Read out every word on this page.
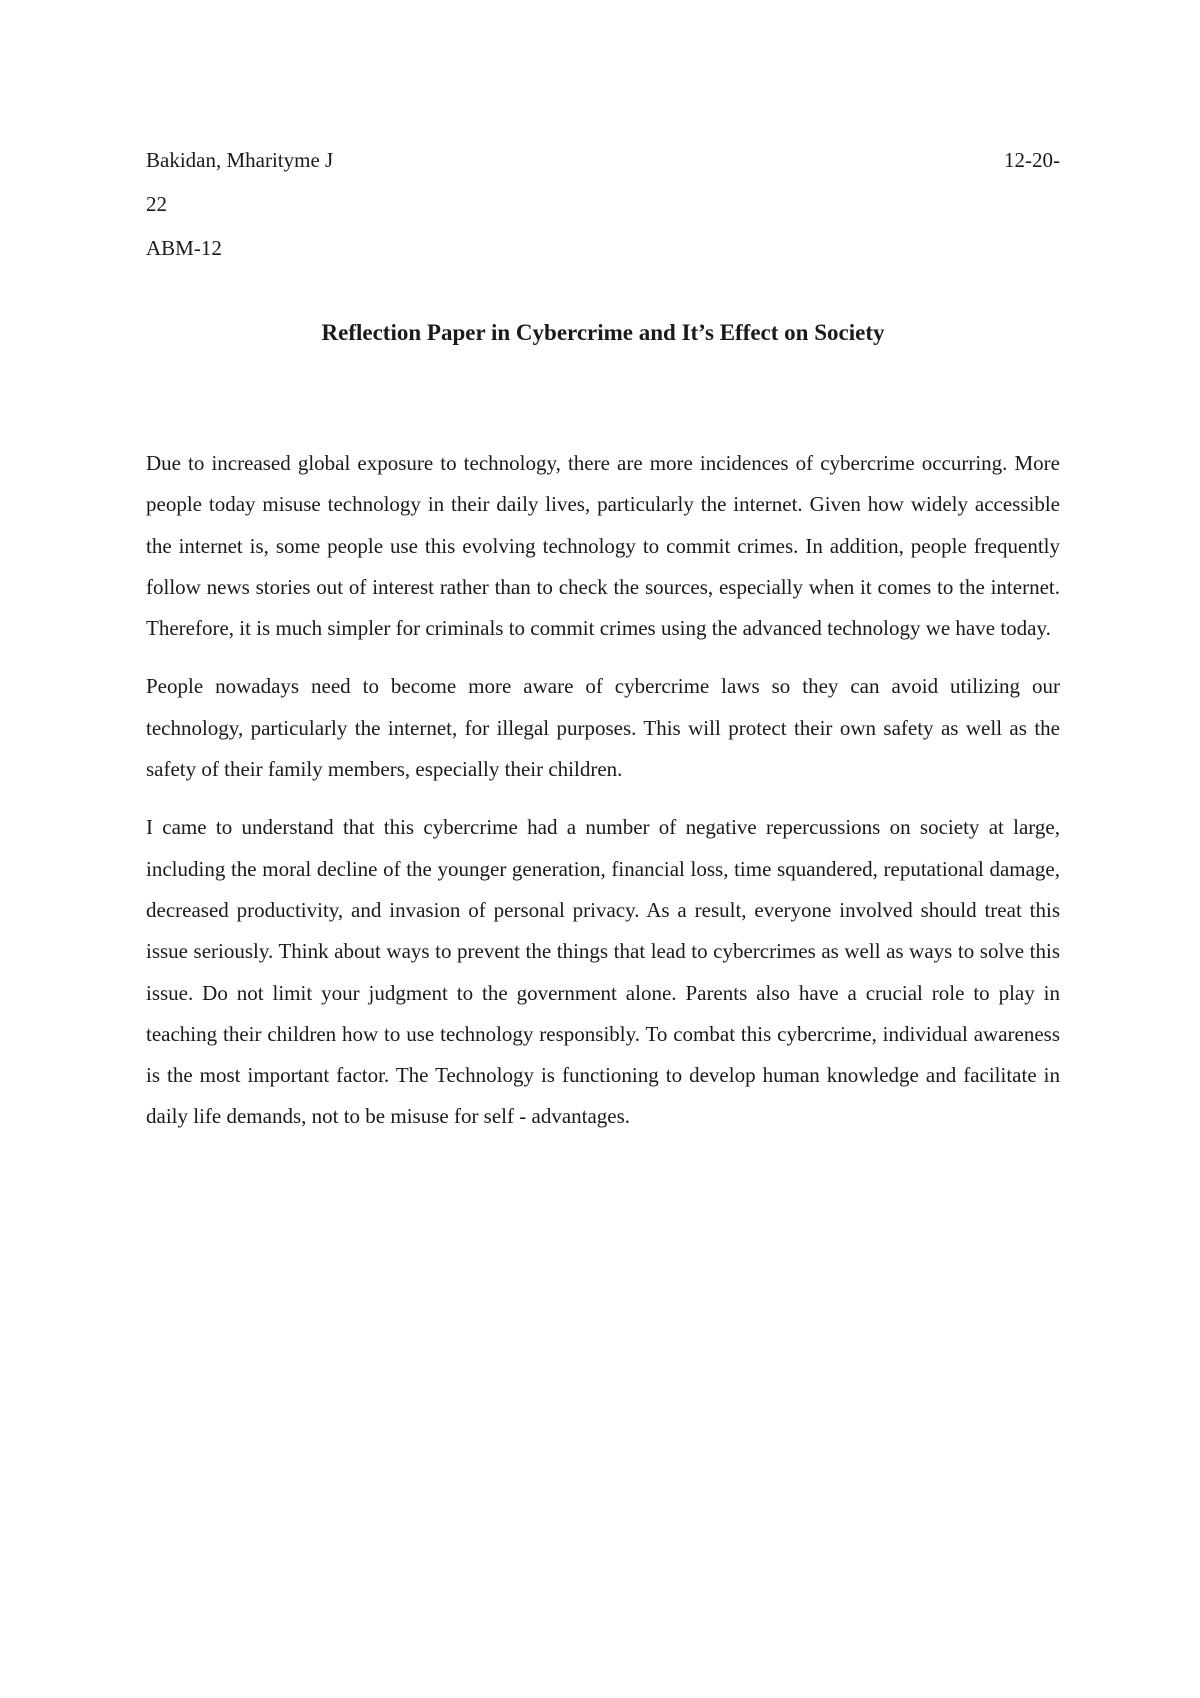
Bakidan, Mharityme J	12-20-
22
ABM-12
Reflection Paper in Cybercrime and It’s Effect on Society

Due to increased global exposure to technology, there are more incidences of cybercrime occurring. More people today misuse technology in their daily lives, particularly the internet. Given how widely accessible the internet is, some people use this evolving technology to commit crimes. In addition, people frequently follow news stories out of interest rather than to check the sources, especially when it comes to the internet. Therefore, it is much simpler for criminals to commit crimes using the advanced technology we have today.

People nowadays need to become more aware of cybercrime laws so they can avoid utilizing our technology, particularly the internet, for illegal purposes. This will protect their own safety as well as the safety of their family members, especially their children.

I came to understand that this cybercrime had a number of negative repercussions on society at large, including the moral decline of the younger generation, financial loss, time squandered, reputational damage, decreased productivity, and invasion of personal privacy. As a result, everyone involved should treat this issue seriously. Think about ways to prevent the things that lead to cybercrimes as well as ways to solve this issue. Do not limit your judgment to the government alone. Parents also have a crucial role to play in teaching their children how to use technology responsibly. To combat this cybercrime, individual awareness is the most important factor. The Technology is functioning to develop human knowledge and facilitate in daily life demands, not to be misuse for self - advantages.
